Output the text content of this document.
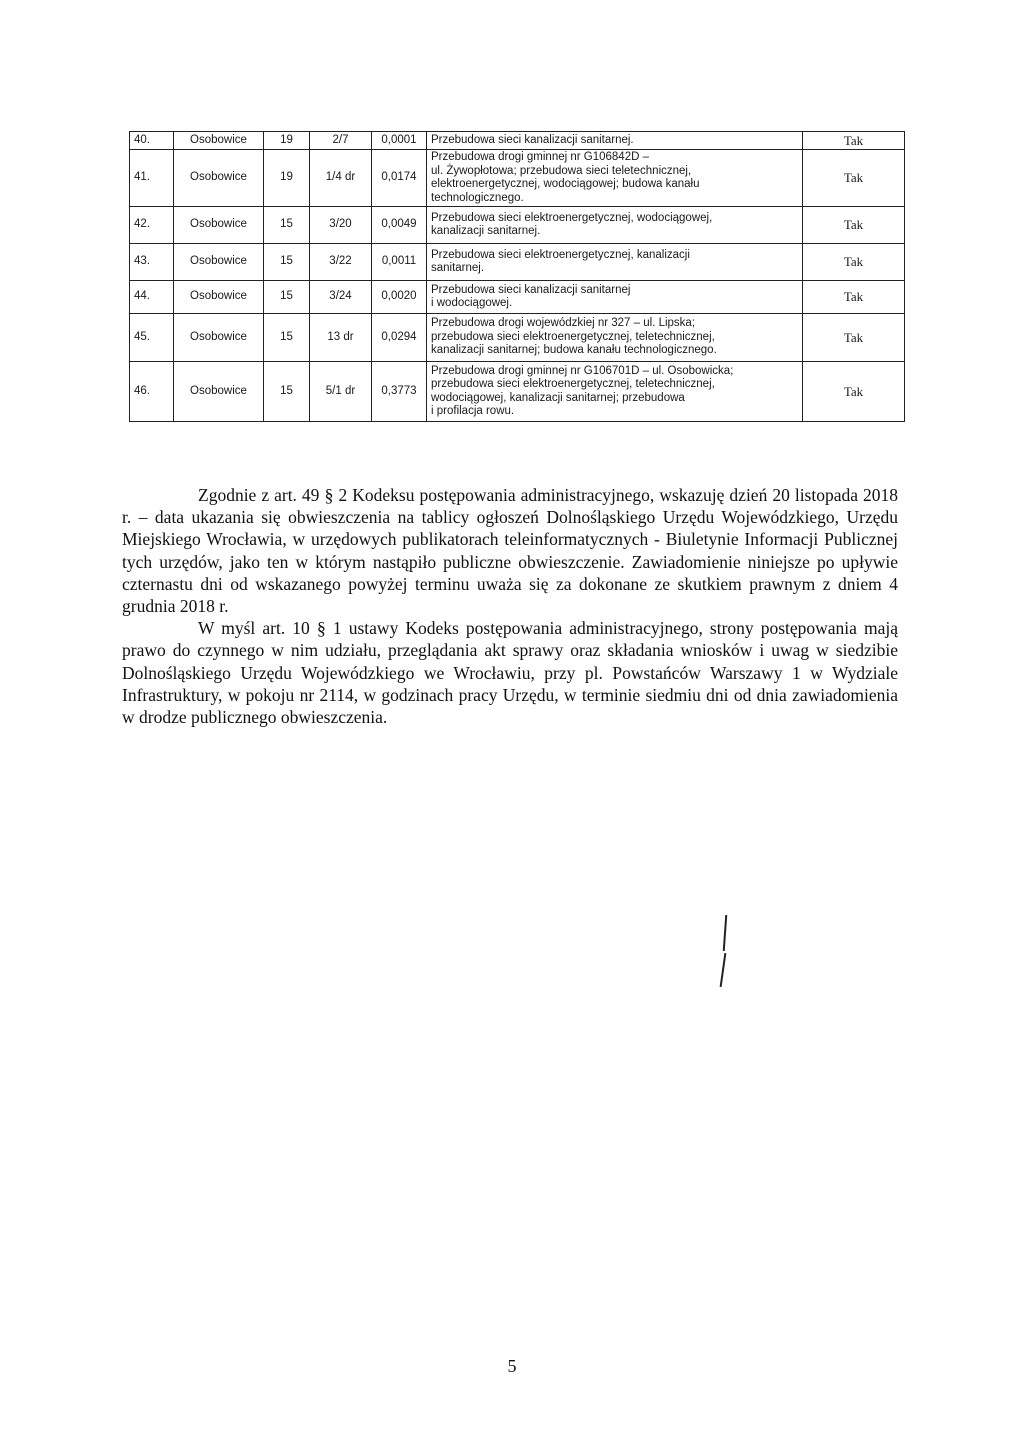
40.	Osobowice	19	2/7	0,0001	Przebudowa sieci kanalizacji sanitarnej.	Tak
41.	Osobowice	19	1/4 dr	0,0174	Przebudowa drogi gminnej nr G106842D –
ul. Żywopłotowa; przebudowa sieci teletechnicznej,
elektroenergetycznej, wodociągowej; budowa kanału
technologicznego.	Tak
42.	Osobowice	15	3/20	0,0049	Przebudowa sieci elektroenergetycznej, wodociągowej,
kanalizacji sanitarnej.	Tak
43.	Osobowice	15	3/22	0,0011	Przebudowa sieci elektroenergetycznej, kanalizacji
sanitarnej.	Tak
44.	Osobowice	15	3/24	0,0020	Przebudowa sieci kanalizacji sanitarnej
i wodociągowej.	Tak
45.	Osobowice	15	13 dr	0,0294	Przebudowa drogi wojewódzkiej nr 327 – ul. Lipska;
przebudowa sieci elektroenergetycznej, teletechnicznej,
kanalizacji sanitarnej; budowa kanału technologicznego.	Tak
46.	Osobowice	15	5/1 dr	0,3773	Przebudowa drogi gminnej nr G106701D – ul. Osobowicka;
przebudowa sieci elektroenergetycznej, teletechnicznej,
wodociągowej, kanalizacji sanitarnej; przebudowa
i profilacja rowu.	Tak

Zgodnie z art. 49 § 2 Kodeksu postępowania administracyjnego, wskazuję dzień 20 listopada 2018 r. – data ukazania się obwieszczenia na tablicy ogłoszeń Dolnośląskiego Urzędu Wojewódzkiego, Urzędu Miejskiego Wrocławia, w urzędowych publikatorach teleinformatycznych - Biuletynie Informacji Publicznej tych urzędów, jako ten w którym nastąpiło publiczne obwieszczenie. Zawiadomienie niniejsze po upływie czternastu dni od wskazanego powyżej terminu uważa się za dokonane ze skutkiem prawnym z dniem 4 grudnia 2018 r.

W myśl art. 10 § 1 ustawy Kodeks postępowania administracyjnego, strony postępowania mają prawo do czynnego w nim udziału, przeglądania akt sprawy oraz składania wniosków i uwag w siedzibie Dolnośląskiego Urzędu Wojewódzkiego we Wrocławiu, przy pl. Powstańców Warszawy 1 w Wydziale Infrastruktury, w pokoju nr 2114, w godzinach pracy Urzędu, w terminie siedmiu dni od dnia zawiadomienia w drodze publicznego obwieszczenia.

5
